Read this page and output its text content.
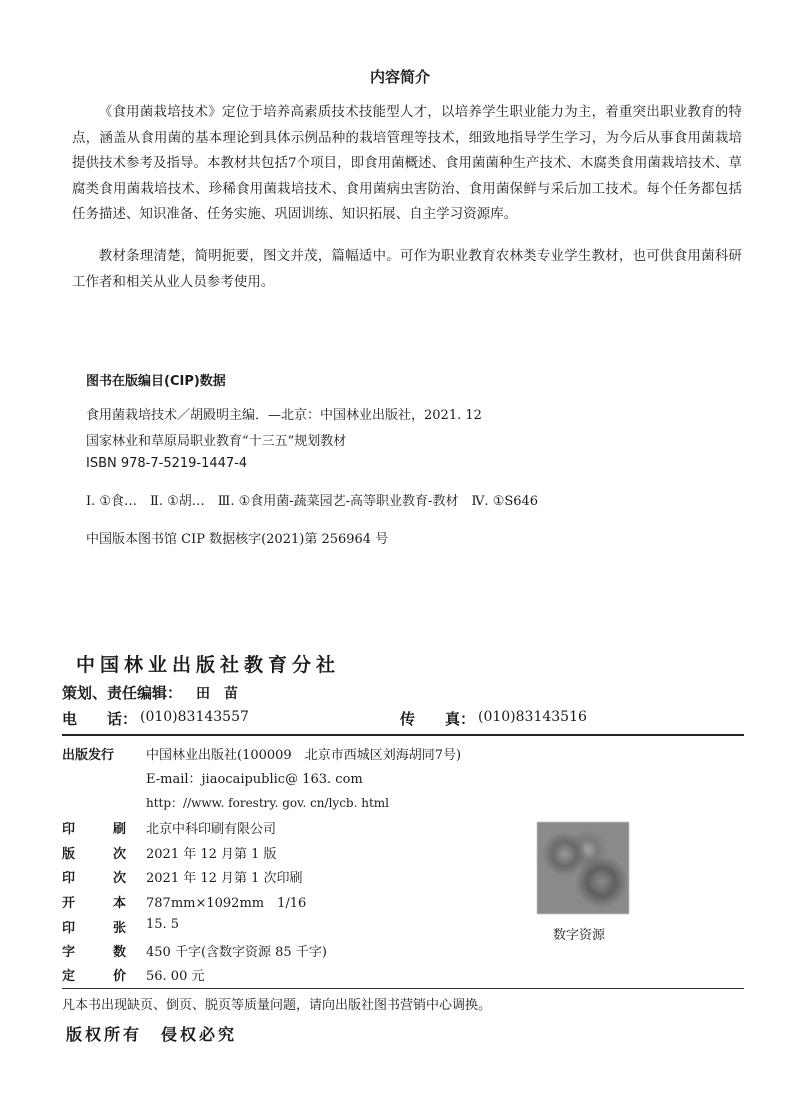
内容简介
《食用菌栽培技术》定位于培养高素质技术技能型人才，以培养学生职业能力为主，着重突出职业教育的特点，涵盖从食用菌的基本理论到具体示例品种的栽培管理等技术，细致地指导学生学习，为今后从事食用菌栽培提供技术参考及指导。本教材共包括7个项目，即食用菌概述、食用菌菌种生产技术、木腐类食用菌栽培技术、草腐类食用菌栽培技术、珍稀食用菌栽培技术、食用菌病虫害防治、食用菌保鲜与采后加工技术。每个任务都包括任务描述、知识准备、任务实施、巩固训练、知识拓展、自主学习资源库。
教材条理清楚，简明扼要，图文并茂，篇幅适中。可作为职业教育农林类专业学生教材，也可供食用菌科研工作者和相关从业人员参考使用。
图书在版编目(CIP)数据
食用菌栽培技术／胡殿明主编．—北京：中国林业出版社，2021. 12
国家林业和草原局职业教育“十三五”规划教材
ISBN 978-7-5219-1447-4
Ⅰ. ①食…　Ⅱ. ①胡…　Ⅲ. ①食用菌-蔬菜园艺-高等职业教育-教材　Ⅳ. ①S646
中国版本图书馆 CIP 数据核字(2021)第 256964 号
中国林业出版社教育分社
策划、责任编辑： 田　苗
电　　话： (010)83143557	传　　真： (010)83143516
出版发行 中国林业出版社(100009　北京市西城区刘海胡同7号)
E-mail：jiaocaipublic@ 163. com
http：//www. forestry. gov. cn/lycb. html
印	刷 北京中科印刷有限公司
版	次 2021 年 12 月第 1 版
印	次 2021 年 12 月第 1 次印刷
开	本 787mm×1092mm　1/16
印	张 15. 5
字	数 450 千字(含数字资源 85 千字)
定	价 56. 00 元
数字资源
凡本书出现缺页、倒页、脱页等质量问题，请向出版社图书营销中心调换。
版权所有　侵权必究
